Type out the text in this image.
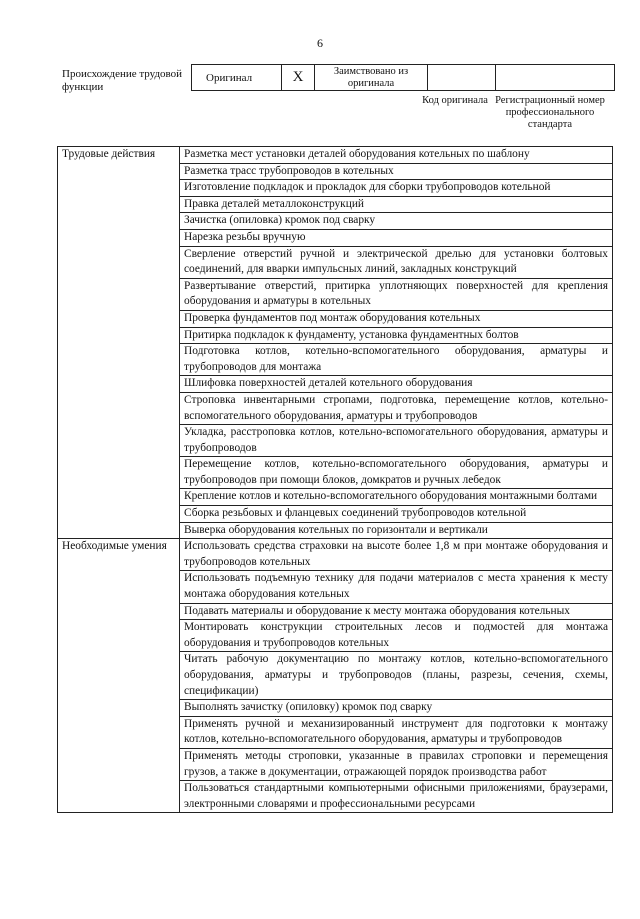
6
Происхождение трудовой функции
Оригинал	X	Заимствовано из оригинала		
Код оригинала Регистрационный номер профессионального стандарта
Трудовые действия	Разметка мест установки деталей оборудования котельных по шаблону
	Разметка трасс трубопроводов в котельных
	Изготовление подкладок и прокладок для сборки трубопроводов котельной
	Правка деталей металлоконструкций
	Зачистка (опиловка) кромок под сварку
	Нарезка резьбы вручную
	Сверление отверстий ручной и электрической дрелью для установки болтовых соединений, для вварки импульсных линий, закладных конструкций
	Развертывание отверстий, притирка уплотняющих поверхностей для крепления оборудования и арматуры в котельных
	Проверка фундаментов под монтаж оборудования котельных
	Притирка подкладок к фундаменту, установка фундаментных болтов
	Подготовка котлов, котельно-вспомогательного оборудования, арматуры и трубопроводов для монтажа
	Шлифовка поверхностей деталей котельного оборудования
	Строповка инвентарными стропами, подготовка, перемещение котлов, котельно-вспомогательного оборудования, арматуры и трубопроводов
	Укладка, расстроповка котлов, котельно-вспомогательного оборудования, арматуры и трубопроводов
	Перемещение котлов, котельно-вспомогательного оборудования, арматуры и трубопроводов при помощи блоков, домкратов и ручных лебедок
	Крепление котлов и котельно-вспомогательного оборудования монтажными болтами
	Сборка резьбовых и фланцевых соединений трубопроводов котельной
	Выверка оборудования котельных по горизонтали и вертикали
Необходимые умения	Использовать средства страховки на высоте более 1,8 м при монтаже оборудования и трубопроводов котельных
	Использовать подъемную технику для подачи материалов с места хранения к месту монтажа оборудования котельных
	Подавать материалы и оборудование к месту монтажа оборудования котельных
	Монтировать конструкции строительных лесов и подмостей для монтажа оборудования и трубопроводов котельных
	Читать рабочую документацию по монтажу котлов, котельно-вспомогательного оборудования, арматуры и трубопроводов (планы, разрезы, сечения, схемы, спецификации)
	Выполнять зачистку (опиловку) кромок под сварку
	Применять ручной и механизированный инструмент для подготовки к монтажу котлов, котельно-вспомогательного оборудования, арматуры и трубопроводов
	Применять методы строповки, указанные в правилах строповки и перемещения грузов, а также в документации, отражающей порядок производства работ
	Пользоваться стандартными компьютерными офисными приложениями, браузерами, электронными словарями и профессиональными ресурсами
